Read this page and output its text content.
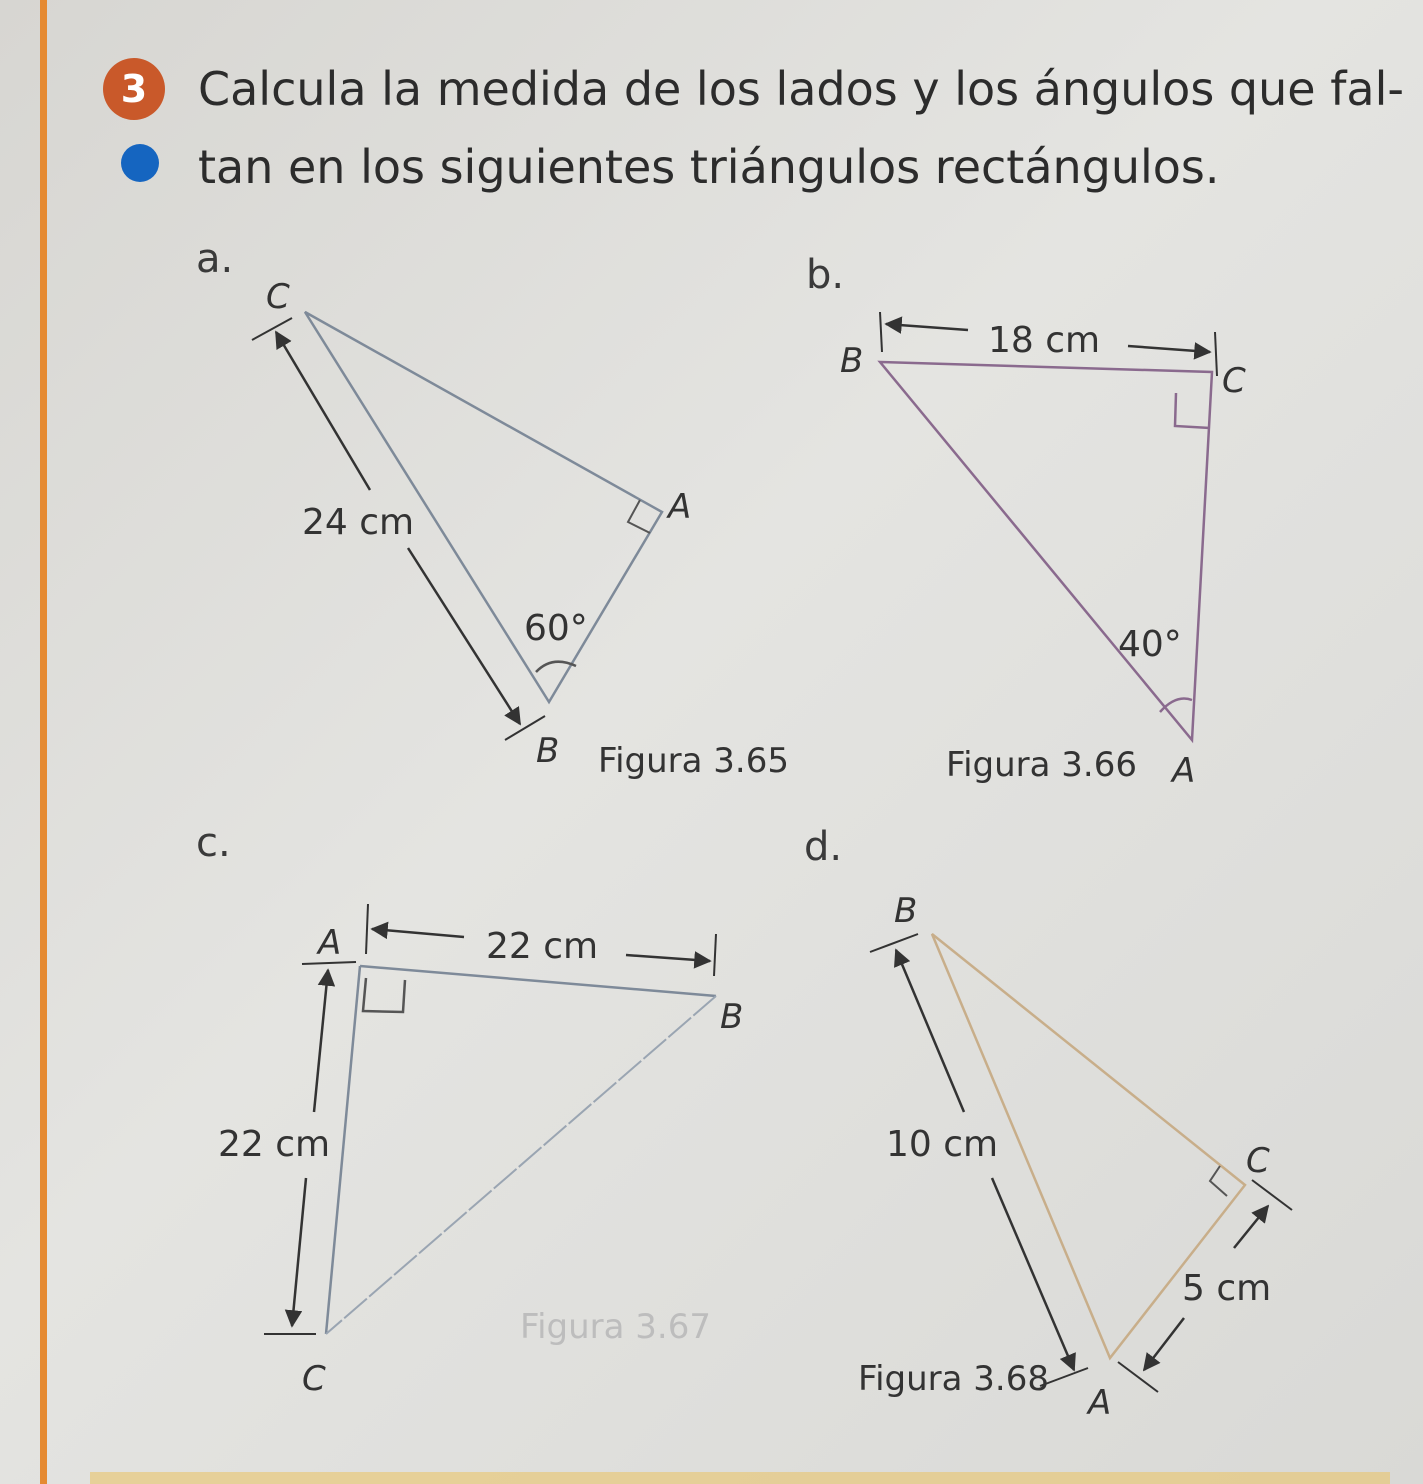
3	Calcula la medida de los lados y los ángulos que fal-
tan en los siguientes triángulos rectángulos.
a.	b.
c.	d.
C
A
B
24 cm
60°
Figura 3.65
B	C
A
18 cm
40°
Figura 3.66
A
B
C
22 cm
22 cm
Figura 3.67
B
C
A
10 cm
5 cm
Figura 3.68
